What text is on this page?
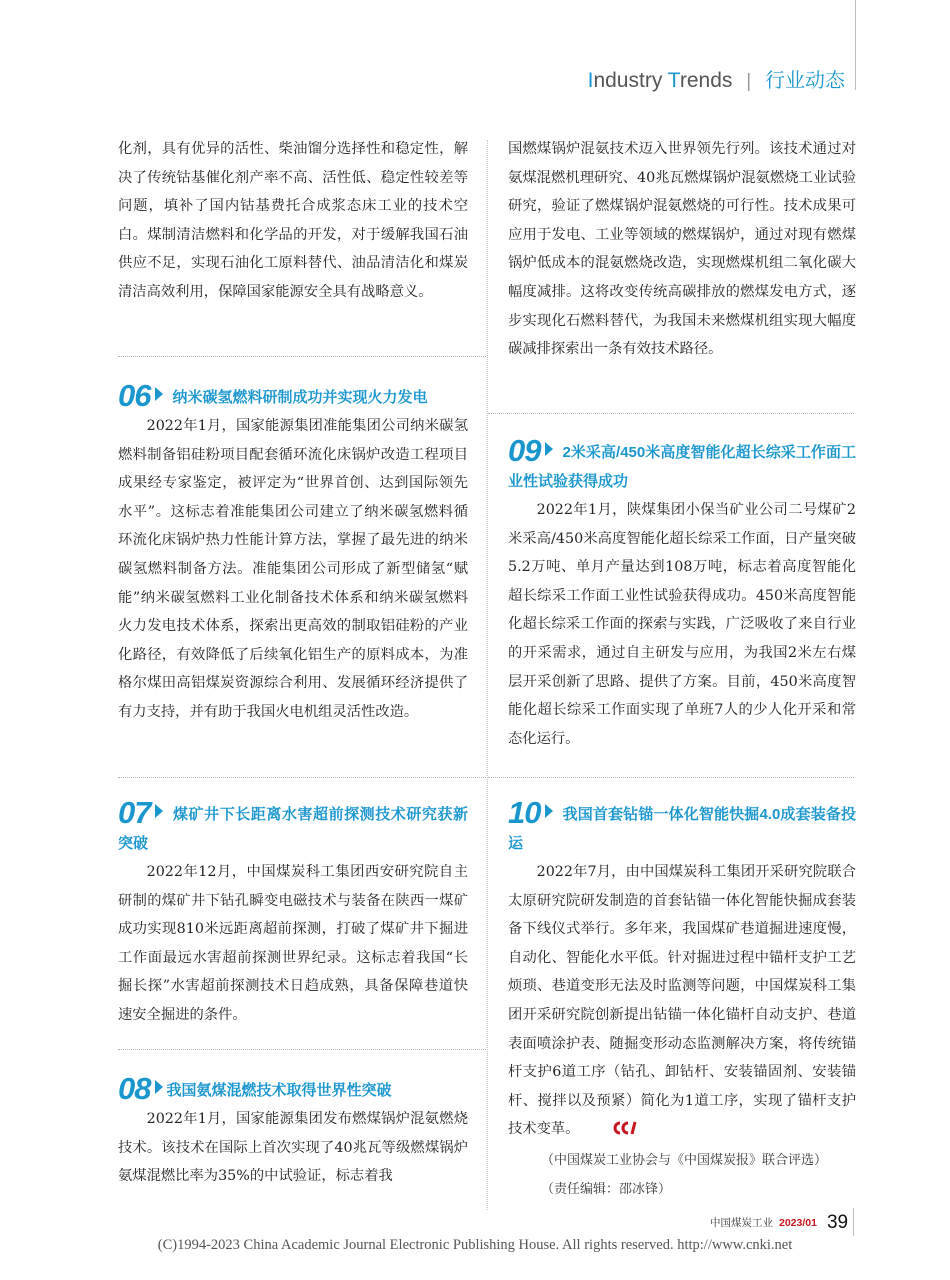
Industry Trends | 行业动态

化剂，具有优异的活性、柴油馏分选择性和稳定性，解决了传统钴基催化剂产率不高、活性低、稳定性较差等问题，填补了国内钴基费托合成浆态床工业的技术空白。煤制清洁燃料和化学品的开发，对于缓解我国石油供应不足，实现石油化工原料替代、油品清洁化和煤炭清洁高效利用，保障国家能源安全具有战略意义。

06 纳米碳氢燃料研制成功并实现火力发电

2022年1月，国家能源集团准能集团公司纳米碳氢燃料制备铝硅粉项目配套循环流化床锅炉改造工程项目成果经专家鉴定，被评定为“世界首创、达到国际领先水平”。这标志着准能集团公司建立了纳米碳氢燃料循环流化床锅炉热力性能计算方法，掌握了最先进的纳米碳氢燃料制备方法。准能集团公司形成了新型储氢“赋能”纳米碳氢燃料工业化制备技术体系和纳米碳氢燃料火力发电技术体系，探索出更高效的制取铝硅粉的产业化路径，有效降低了后续氧化铝生产的原料成本，为准格尔煤田高铝煤炭资源综合利用、发展循环经济提供了有力支持，并有助于我国火电机组灵活性改造。

07 煤矿井下长距离水害超前探测技术研究获新突破

2022年12月，中国煤炭科工集团西安研究院自主研制的煤矿井下钻孔瞬变电磁技术与装备在陕西一煤矿成功实现810米远距离超前探测，打破了煤矿井下掘进工作面最远水害超前探测世界纪录。这标志着我国“长掘长探”水害超前探测技术日趋成熟，具备保障巷道快速安全掘进的条件。

08 我国氨煤混燃技术取得世界性突破

2022年1月，国家能源集团发布燃煤锅炉混氨燃烧技术。该技术在国际上首次实现了40兆瓦等级燃煤锅炉氨煤混燃比率为35%的中试验证，标志着我

国燃煤锅炉混氨技术迈入世界领先行列。该技术通过对氨煤混燃机理研究、40兆瓦燃煤锅炉混氨燃烧工业试验研究，验证了燃煤锅炉混氨燃烧的可行性。技术成果可应用于发电、工业等领域的燃煤锅炉，通过对现有燃煤锅炉低成本的混氨燃烧改造，实现燃煤机组二氧化碳大幅度减排。这将改变传统高碳排放的燃煤发电方式，逐步实现化石燃料替代，为我国未来燃煤机组实现大幅度碳减排探索出一条有效技术路径。

09 2米采高/450米高度智能化超长综采工作面工业性试验获得成功

2022年1月，陕煤集团小保当矿业公司二号煤矿2米采高/450米高度智能化超长综采工作面，日产量突破5.2万吨、单月产量达到108万吨，标志着高度智能化超长综采工作面工业性试验获得成功。450米高度智能化超长综采工作面的探索与实践，广泛吸收了来自行业的开采需求，通过自主研发与应用，为我国2米左右煤层开采创新了思路、提供了方案。目前，450米高度智能化超长综采工作面实现了单班7人的少人化开采和常态化运行。

10 我国首套钻锚一体化智能快掘4.0成套装备投运

2022年7月，由中国煤炭科工集团开采研究院联合太原研究院研发制造的首套钻锚一体化智能快掘成套装备下线仪式举行。多年来，我国煤矿巷道掘进速度慢，自动化、智能化水平低。针对掘进过程中锚杆支护工艺烦琐、巷道变形无法及时监测等问题，中国煤炭科工集团开采研究院创新提出钻锚一体化锚杆自动支护、巷道表面喷涂护表、随掘变形动态监测解决方案，将传统锚杆支护6道工序（钻孔、卸钻杆、安装锚固剂、安装锚杆、搅拌以及预紧）简化为1道工序，实现了锚杆支护技术变革。

（中国煤炭工业协会与《中国煤炭报》联合评选）

（责任编辑：邵冰锋）

中国煤炭工业 2023/01 39
(C)1994-2023 China Academic Journal Electronic Publishing House. All rights reserved. http://www.cnki.net
